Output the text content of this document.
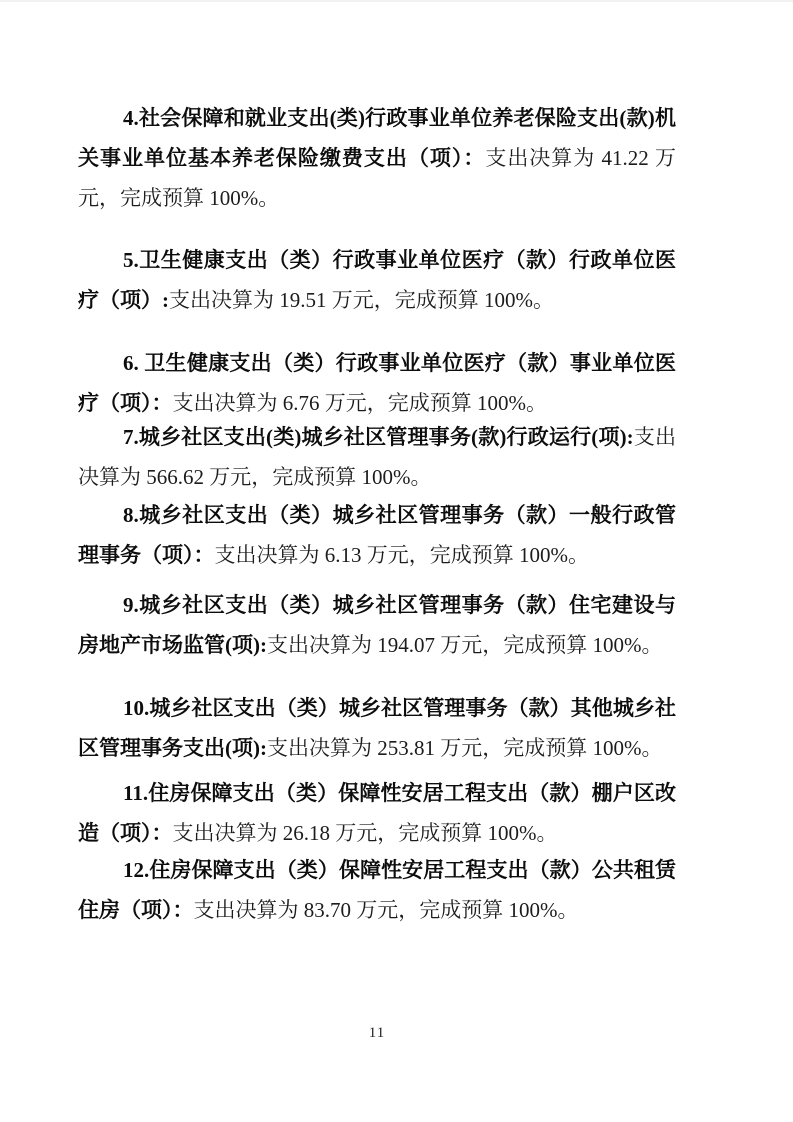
4.社会保障和就业支出(类)行政事业单位养老保险支出(款)机关事业单位基本养老保险缴费支出（项）：支出决算为 41.22 万元，完成预算 100%。

5.卫生健康支出（类）行政事业单位医疗（款）行政单位医疗（项）:支出决算为 19.51 万元，完成预算 100%。

6. 卫生健康支出（类）行政事业单位医疗（款）事业单位医疗（项）：支出决算为 6.76 万元，完成预算 100%。

7.城乡社区支出(类)城乡社区管理事务(款)行政运行(项):支出决算为 566.62 万元，完成预算 100%。

8.城乡社区支出（类）城乡社区管理事务（款）一般行政管理事务（项）：支出决算为 6.13 万元，完成预算 100%。

9.城乡社区支出（类）城乡社区管理事务（款）住宅建设与房地产市场监管(项):支出决算为 194.07 万元，完成预算 100%。

10.城乡社区支出（类）城乡社区管理事务（款）其他城乡社区管理事务支出(项):支出决算为 253.81 万元，完成预算 100%。

11.住房保障支出（类）保障性安居工程支出（款）棚户区改造（项）：支出决算为 26.18 万元，完成预算 100%。

12.住房保障支出（类）保障性安居工程支出（款）公共租赁住房（项）：支出决算为 83.70 万元，完成预算 100%。

11
